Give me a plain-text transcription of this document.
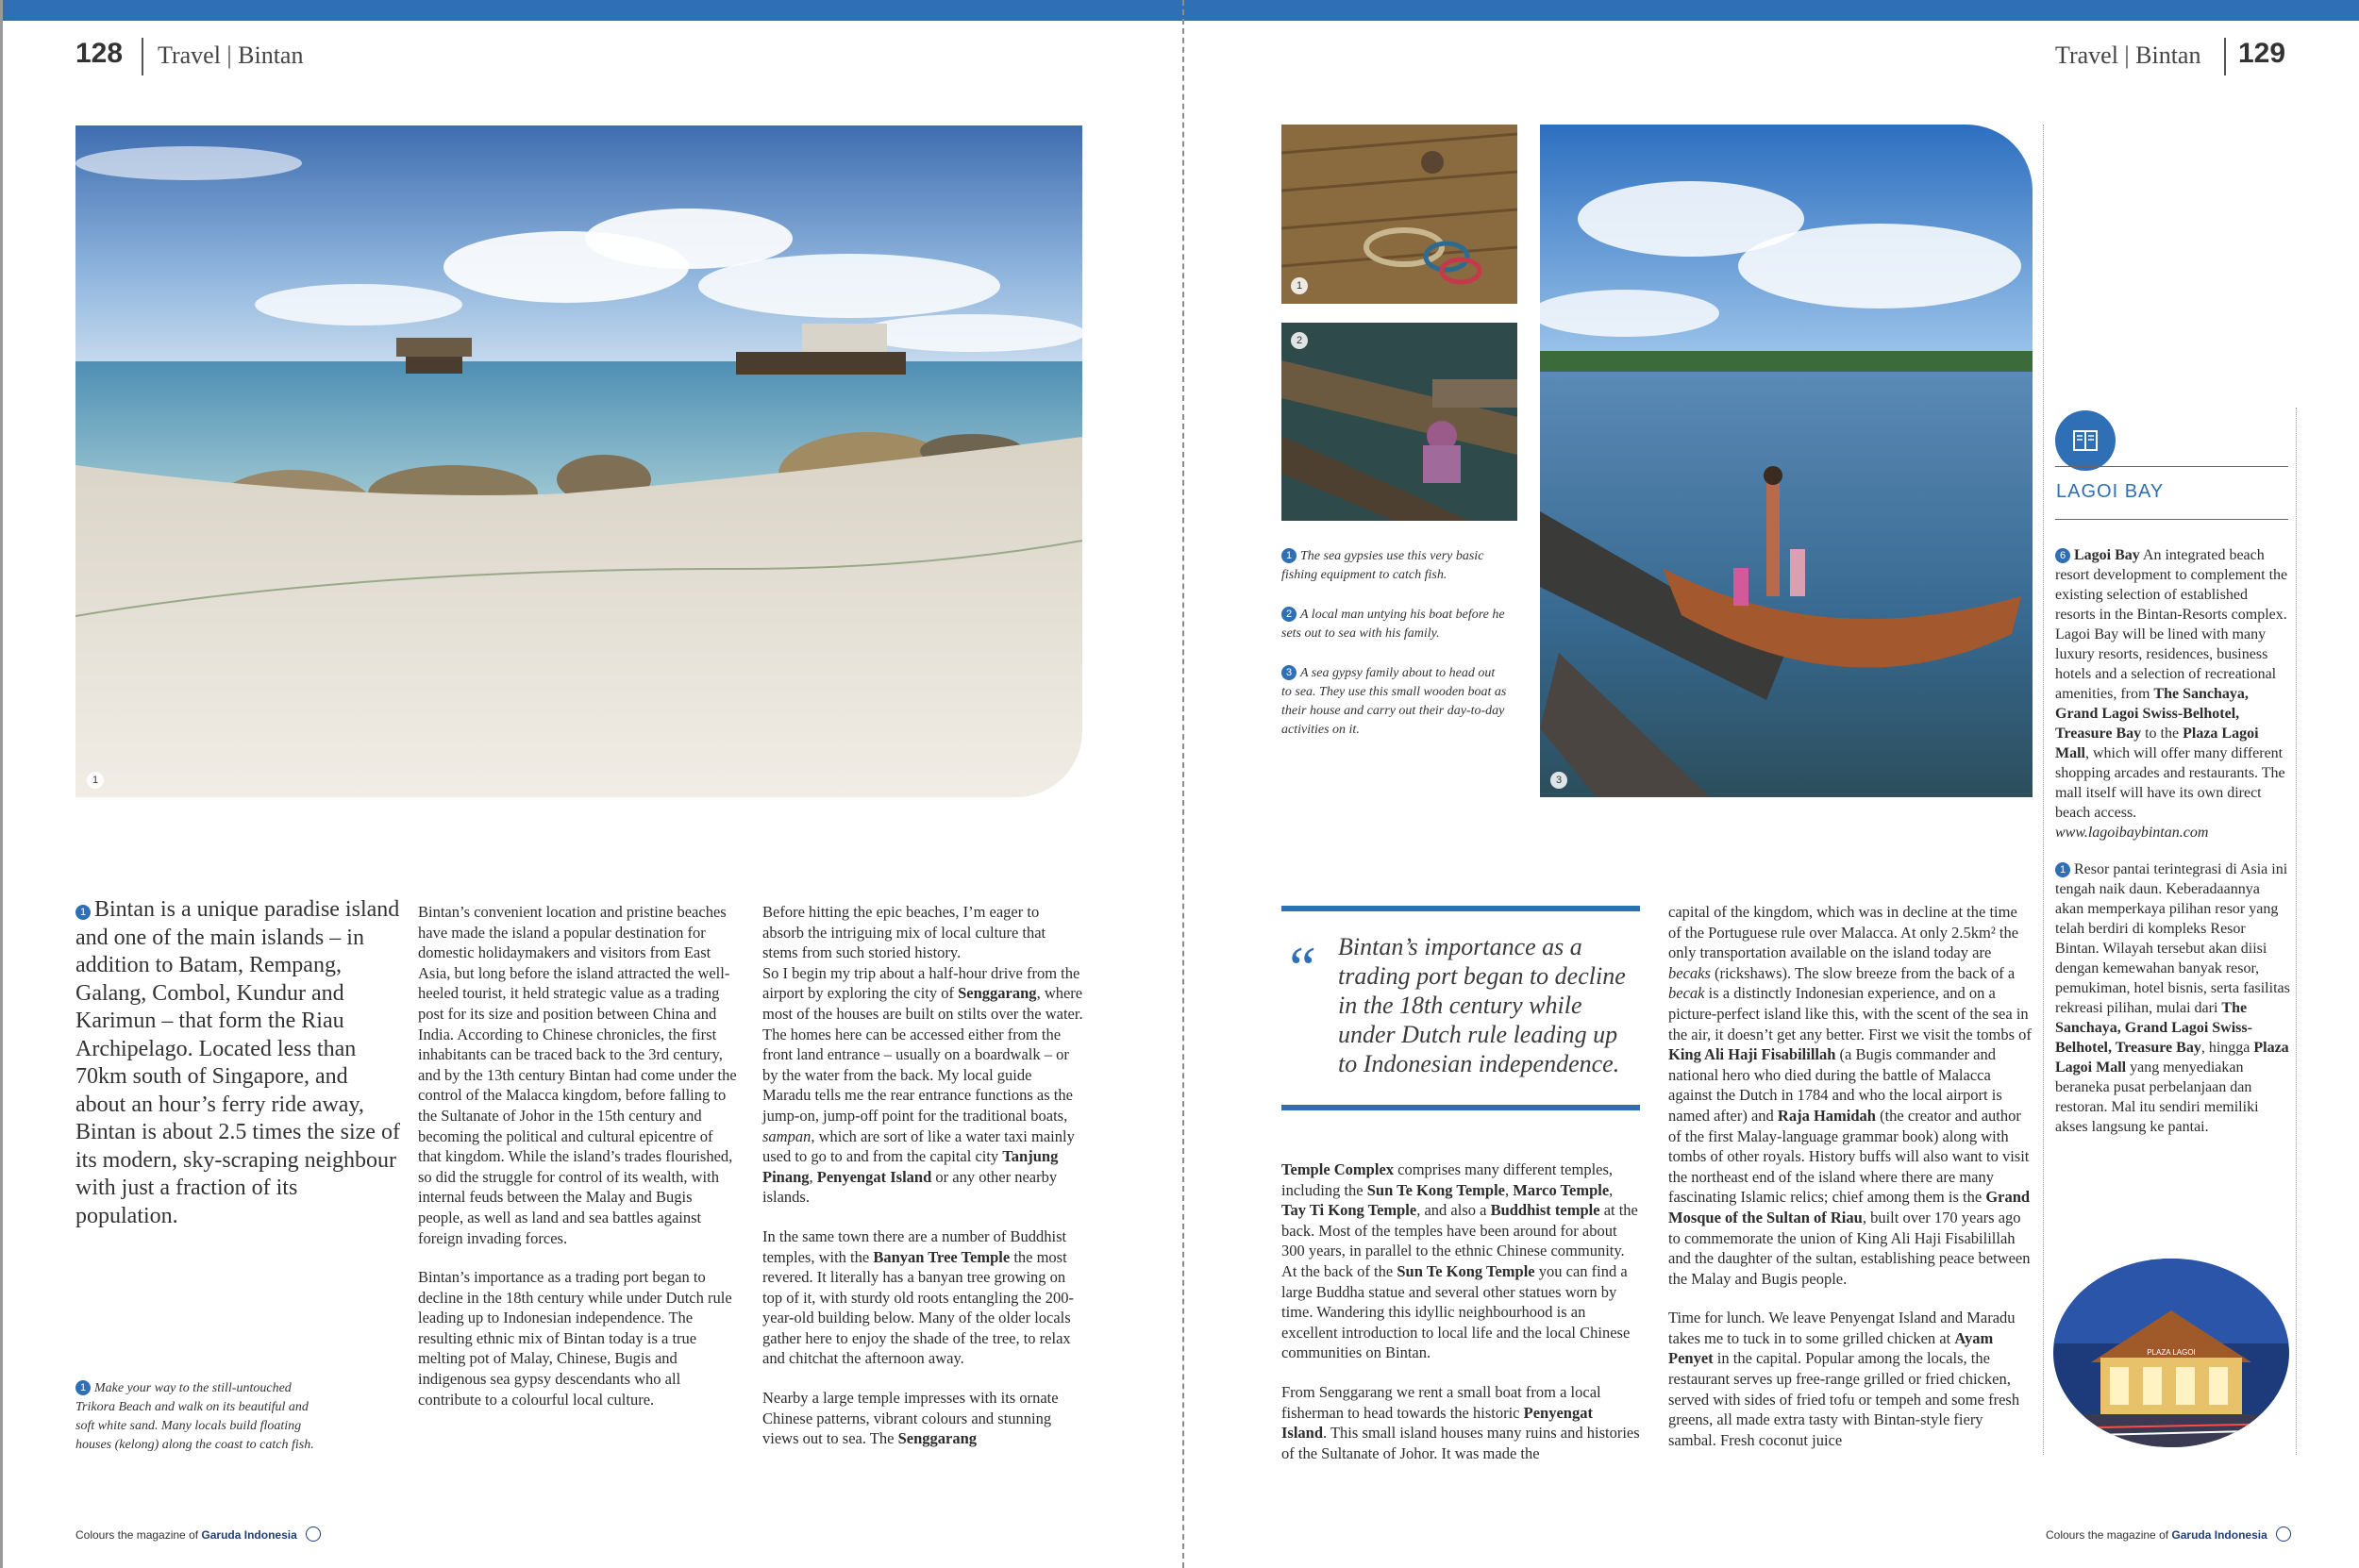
128 Travel | Bintan	Travel | Bintan 129
1
1 Make your way to the still-untouched Trikora Beach and walk on its beautiful and soft white sand. Many locals build floating houses (kelong) along the coast to catch fish.
1 Bintan is a unique paradise island and one of the main islands – in addition to Batam, Rempang, Galang, Combol, Kundur and Karimun – that form the Riau Archipelago. Located less than 70km south of Singapore, and about an hour’s ferry ride away, Bintan is about 2.5 times the size of its modern, sky-scraping neighbour with just a fraction of its population.

Bintan’s convenient location and pristine beaches have made the island a popular destination for domestic holidaymakers and visitors from East Asia, but long before the island attracted the well-heeled tourist, it held strategic value as a trading post for its size and position between China and India. According to Chinese chronicles, the first inhabitants can be traced back to the 3rd century, and by the 13th century Bintan had come under the control of the Malacca kingdom, before falling to the Sultanate of Johor in the 15th century and becoming the political and cultural epicentre of that kingdom. While the island’s trades flourished, so did the struggle for control of its wealth, with internal feuds between the Malay and Bugis people, as well as land and sea battles against foreign invading forces.

Bintan’s importance as a trading port began to decline in the 18th century while under Dutch rule leading up to Indonesian independence. The resulting ethnic mix of Bintan today is a true melting pot of Malay, Chinese, Bugis and indigenous sea gypsy descendants who all contribute to a colourful local culture.

Before hitting the epic beaches, I’m eager to absorb the intriguing mix of local culture that stems from such storied history.

So I begin my trip about a half-hour drive from the airport by exploring the city of Senggarang, where most of the houses are built on stilts over the water. The homes here can be accessed either from the front land entrance – usually on a boardwalk – or by the water from the back. My local guide Maradu tells me the rear entrance functions as the jump-on, jump-off point for the traditional boats, sampan, which are sort of like a water taxi mainly used to go to and from the capital city Tanjung Pinang, Penyengat Island or any other nearby islands.

In the same town there are a number of Buddhist temples, with the Banyan Tree Temple the most revered. It literally has a banyan tree growing on top of it, with sturdy old roots entangling the 200-year-old building below. Many of the older locals gather here to enjoy the shade of the tree, to relax and chitchat the afternoon away.

Nearby a large temple impresses with its ornate Chinese patterns, vibrant colours and stunning views out to sea. The Senggarang

1
2
1 The sea gypsies use this very basic fishing equipment to catch fish.
2 A local man untying his boat before he sets out to sea with his family.
3 A sea gypsy family about to head out to sea. They use this small wooden boat as their house and carry out their day-to-day activities on it.
3
“ Bintan’s importance as a trading port began to decline in the 18th century while under Dutch rule leading up to Indonesian independence.

Temple Complex comprises many different temples, including the Sun Te Kong Temple, Marco Temple, Tay Ti Kong Temple, and also a Buddhist temple at the back. Most of the temples have been around for about 300 years, in parallel to the ethnic Chinese community. At the back of the Sun Te Kong Temple you can find a large Buddha statue and several other statues worn by time. Wandering this idyllic neighbourhood is an excellent introduction to local life and the local Chinese communities on Bintan.

From Senggarang we rent a small boat from a local fisherman to head towards the historic Penyengat Island. This small island houses many ruins and histories of the Sultanate of Johor. It was made the

capital of the kingdom, which was in decline at the time of the Portuguese rule over Malacca. At only 2.5km² the only transportation available on the island today are becaks (rickshaws). The slow breeze from the back of a becak is a distinctly Indonesian experience, and on a picture-perfect island like this, with the scent of the sea in the air, it doesn’t get any better. First we visit the tombs of King Ali Haji Fisabilillah (a Bugis commander and national hero who died during the battle of Malacca against the Dutch in 1784 and who the local airport is named after) and Raja Hamidah (the creator and author of the first Malay-language grammar book) along with tombs of other royals. History buffs will also want to visit the northeast end of the island where there are many fascinating Islamic relics; chief among them is the Grand Mosque of the Sultan of Riau, built over 170 years ago to commemorate the union of King Ali Haji Fisabilillah and the daughter of the sultan, establishing peace between the Malay and Bugis people.

Time for lunch. We leave Penyengat Island and Maradu takes me to tuck in to some grilled chicken at Ayam Penyet in the capital. Popular among the locals, the restaurant serves up free-range grilled or fried chicken, served with sides of fried tofu or tempeh and some fresh greens, all made extra tasty with Bintan-style fiery sambal. Fresh coconut juice

LAGOI BAY

6 Lagoi Bay An integrated beach resort development to complement the existing selection of established resorts in the Bintan-Resorts complex. Lagoi Bay will be lined with many luxury resorts, residences, business hotels and a selection of recreational amenities, from The Sanchaya, Grand Lagoi Swiss-Belhotel, Treasure Bay to the Plaza Lagoi Mall, which will offer many different shopping arcades and restaurants. The mall itself will have its own direct beach access.
www.lagoibaybintan.com

1 Resor pantai terintegrasi di Asia ini tengah naik daun. Keberadaannya akan memperkaya pilihan resor yang telah berdiri di kompleks Resor Bintan. Wilayah tersebut akan diisi dengan kemewahan banyak resor, pemukiman, hotel bisnis, serta fasilitas rekreasi pilihan, mulai dari The Sanchaya, Grand Lagoi Swiss-Belhotel, Treasure Bay, hingga Plaza Lagoi Mall yang menyediakan beraneka pusat perbelanjaan dan restoran. Mal itu sendiri memiliki akses langsung ke pantai.

PLAZA LAGOI
Colours the magazine of Garuda Indonesia	Colours the magazine of Garuda Indonesia
